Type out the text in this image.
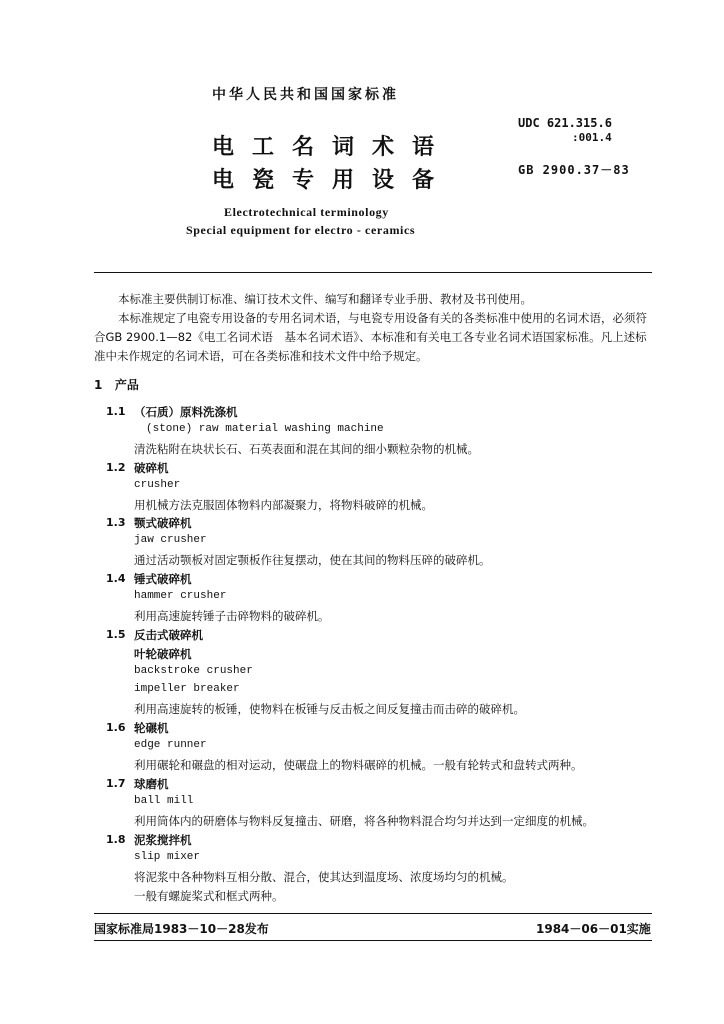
中华人民共和国国家标准
电工名词术语
电瓷专用设备
UDC 621.315.6
:001.4
GB 2900.37－83
Electrotechnical terminology
Special equipment for electro - ceramics
本标准主要供制订标准、编订技术文件、编写和翻译专业手册、教材及书刊使用。
本标准规定了电瓷专用设备的专用名词术语，与电瓷专用设备有关的各类标准中使用的名词术语，必须符合GB 2900.1—82《电工名词术语　基本名词术语》、本标准和有关电工各专业名词术语国家标准。凡上述标准中未作规定的名词术语，可在各类标准和技术文件中给予规定。
1 产品
1.1 （石质）原料洗涤机
(stone) raw material washing machine
清洗粘附在块状长石、石英表面和混在其间的细小颗粒杂物的机械。
1.2 破碎机
crusher
用机械方法克服固体物料内部凝聚力，将物料破碎的机械。
1.3 颚式破碎机
jaw crusher
通过活动颚板对固定颚板作往复摆动，使在其间的物料压碎的破碎机。
1.4 锤式破碎机
hammer crusher
利用高速旋转锤子击碎物料的破碎机。
1.5 反击式破碎机
叶轮破碎机
backstroke crusher
impeller breaker
利用高速旋转的板锤，使物料在板锤与反击板之间反复撞击而击碎的破碎机。
1.6 轮碾机
edge runner
利用碾轮和碾盘的相对运动，使碾盘上的物料碾碎的机械。一般有轮转式和盘转式两种。
1.7 球磨机
ball mill
利用筒体内的研磨体与物料反复撞击、研磨，将各种物料混合均匀并达到一定细度的机械。
1.8 泥浆搅拌机
slip mixer
将泥浆中各种物料互相分散、混合，使其达到温度场、浓度场均匀的机械。
一般有螺旋桨式和框式两种。
国家标准局1983－10－28发布	1984－06－01实施
